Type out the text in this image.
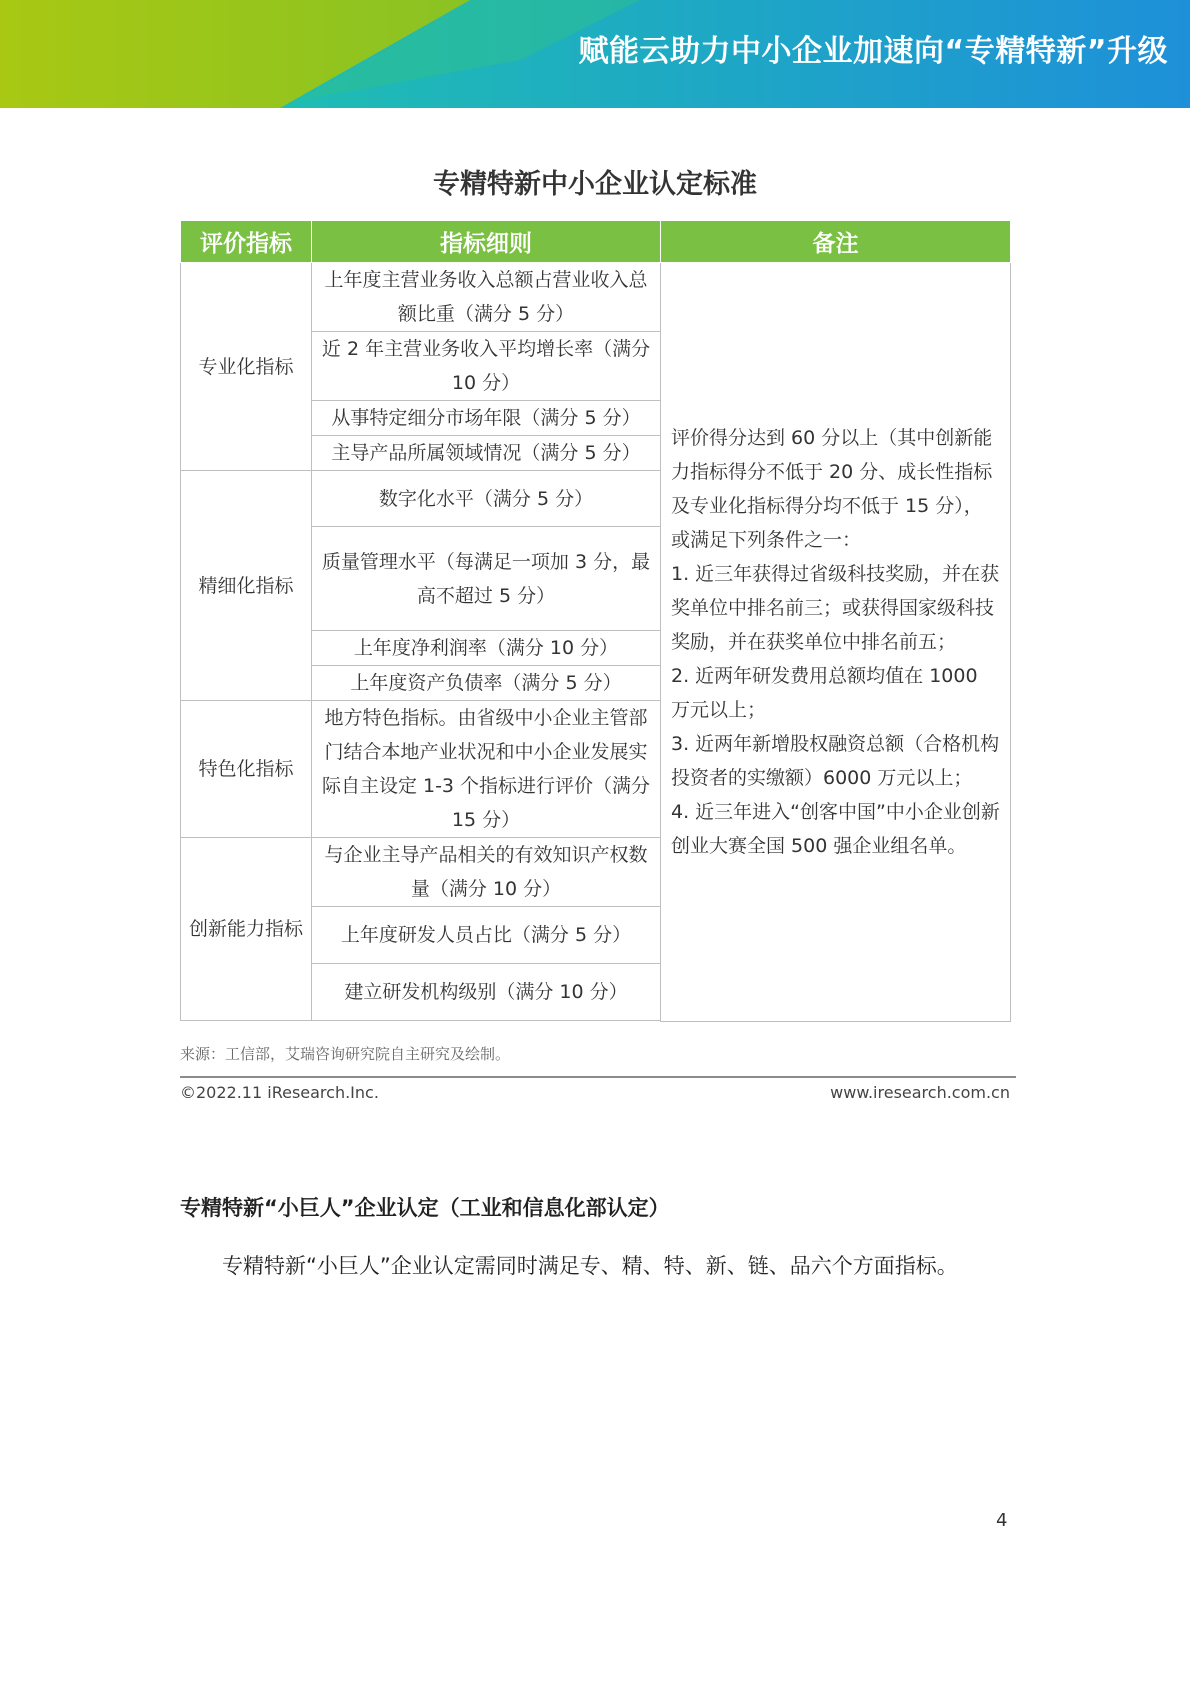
赋能云助力中小企业加速向“专精特新”升级
专精特新中小企业认定标准
评价指标	指标细则	备注
专业化指标	上年度主营业务收入总额占营业收入总额比重（满分 5 分）	评价得分达到 60 分以上（其中创新能力指标得分不低于 20 分、成长性指标及专业化指标得分均不低于 15 分），或满足下列条件之一：

1. 近三年获得过省级科技奖励，并在获奖单位中排名前三；或获得国家级科技奖励，并在获奖单位中排名前五；

2. 近两年研发费用总额均值在 1000 万元以上；

3. 近两年新增股权融资总额（合格机构投资者的实缴额）6000 万元以上；

4. 近三年进入“创客中国”中小企业创新创业大赛全国 500 强企业组名单。

	近 2 年主营业务收入平均增长率（满分 10 分）	
	从事特定细分市场年限（满分 5 分）	
	主导产品所属领域情况（满分 5 分）	
精细化指标	数字化水平（满分 5 分）	
	质量管理水平（每满足一项加 3 分，最高不超过 5 分）	
	上年度净利润率（满分 10 分）	
	上年度资产负债率（满分 5 分）	
特色化指标	地方特色指标。由省级中小企业主管部门结合本地产业状况和中小企业发展实际自主设定 1-3 个指标进行评价（满分 15 分）	
创新能力指标	与企业主导产品相关的有效知识产权数量（满分 10 分）	
	上年度研发人员占比（满分 5 分）	
	建立研发机构级别（满分 10 分）	

来源：工信部，艾瑞咨询研究院自主研究及绘制。
©2022.11 iResearch.Inc.	www.iresearch.com.cn
专精特新“小巨人”企业认定（工业和信息化部认定）
专精特新“小巨人”企业认定需同时满足专、精、特、新、链、品六个方面指标。
4
